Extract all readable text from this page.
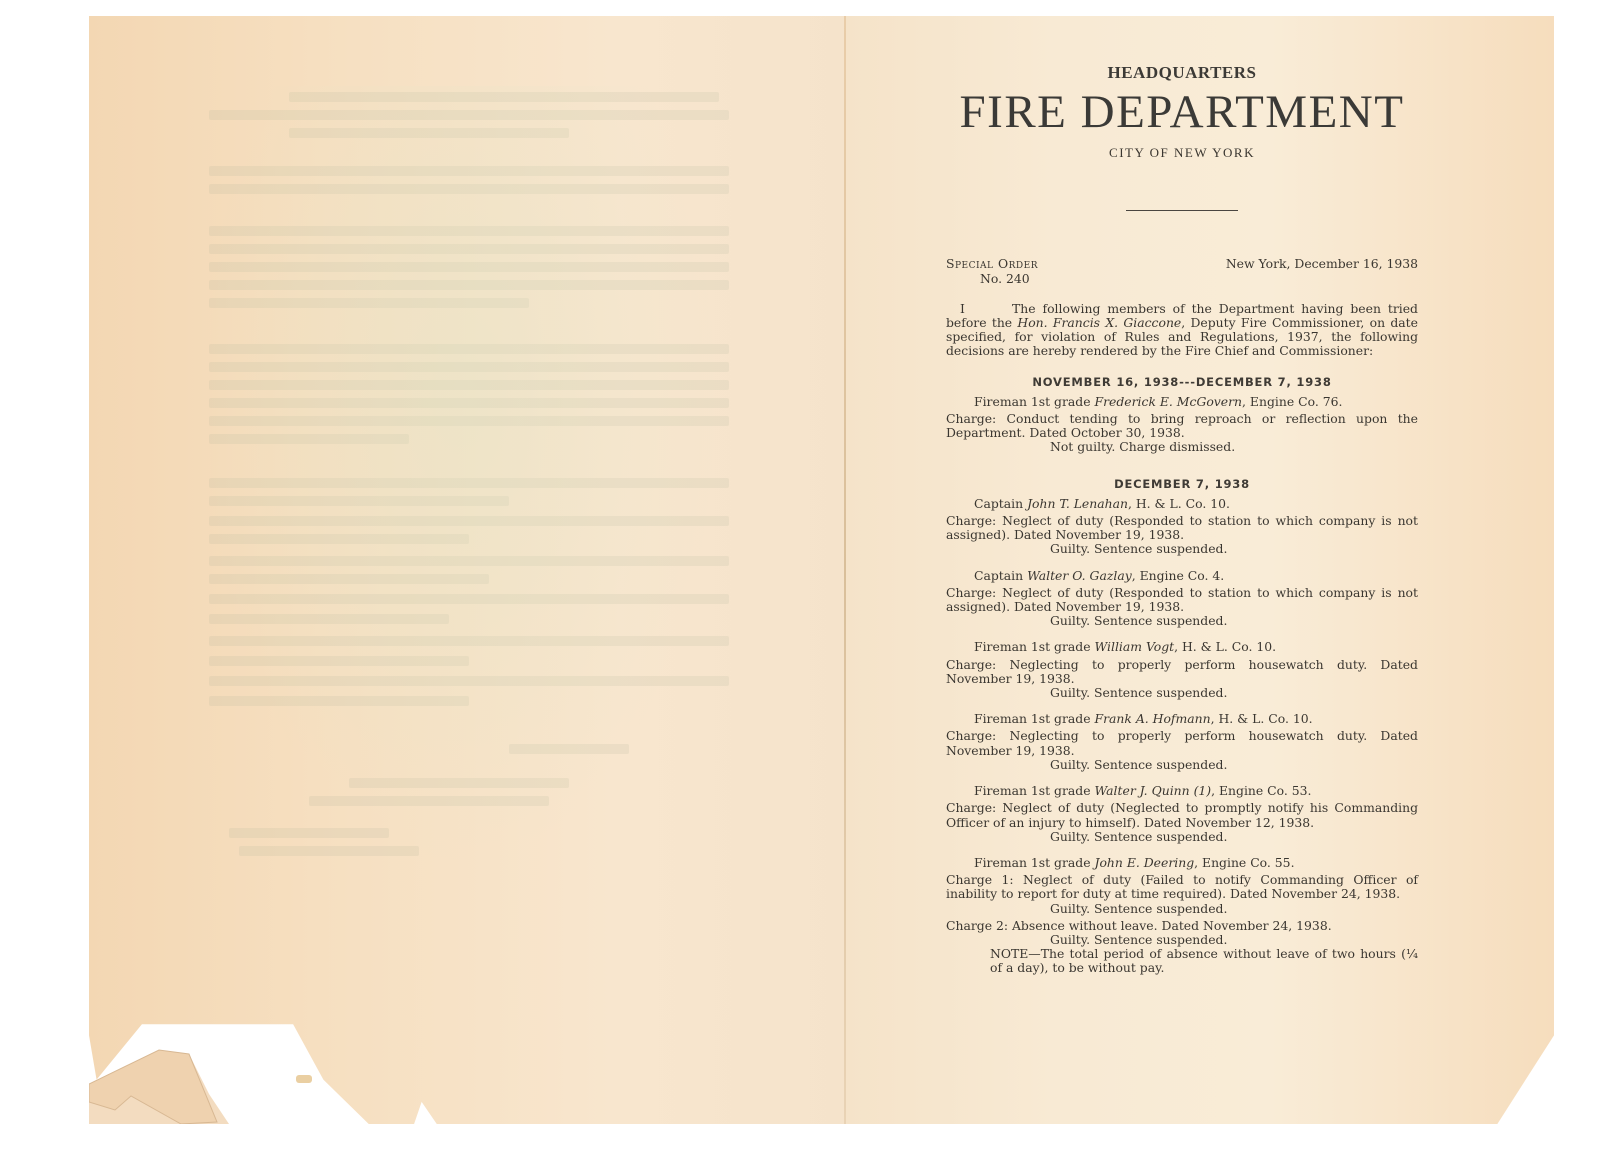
HEADQUARTERS
FIRE DEPARTMENT
CITY OF NEW YORK
Special Order
No. 240
New York, December 16, 1938
I	The following members of the Department having been tried before the Hon. Francis X. Giaccone, Deputy Fire Commissioner, on date specified, for violation of Rules and Regulations, 1937, the following decisions are hereby rendered by the Fire Chief and Commissioner:
NOVEMBER 16, 1938---DECEMBER 7, 1938
Fireman 1st grade Frederick E. McGovern, Engine Co. 76.
Charge: Conduct tending to bring reproach or reflection upon the Department. Dated October 30, 1938.
Not guilty. Charge dismissed.
DECEMBER 7, 1938
Captain John T. Lenahan, H. & L. Co. 10.
Charge: Neglect of duty (Responded to station to which company is not assigned). Dated November 19, 1938.
Guilty. Sentence suspended.
Captain Walter O. Gazlay, Engine Co. 4.
Charge: Neglect of duty (Responded to station to which company is not assigned). Dated November 19, 1938.
Guilty. Sentence suspended.
Fireman 1st grade William Vogt, H. & L. Co. 10.
Charge: Neglecting to properly perform housewatch duty. Dated November 19, 1938.
Guilty. Sentence suspended.
Fireman 1st grade Frank A. Hofmann, H. & L. Co. 10.
Charge: Neglecting to properly perform housewatch duty. Dated November 19, 1938.
Guilty. Sentence suspended.
Fireman 1st grade Walter J. Quinn (1), Engine Co. 53.
Charge: Neglect of duty (Neglected to promptly notify his Commanding Officer of an injury to himself). Dated November 12, 1938.
Guilty. Sentence suspended.
Fireman 1st grade John E. Deering, Engine Co. 55.
Charge 1: Neglect of duty (Failed to notify Commanding Officer of inability to report for duty at time required). Dated November 24, 1938.
Guilty. Sentence suspended.
Charge 2: Absence without leave. Dated November 24, 1938.
Guilty. Sentence suspended.
NOTE—The total period of absence without leave of two hours (¼ of a day), to be without pay.
